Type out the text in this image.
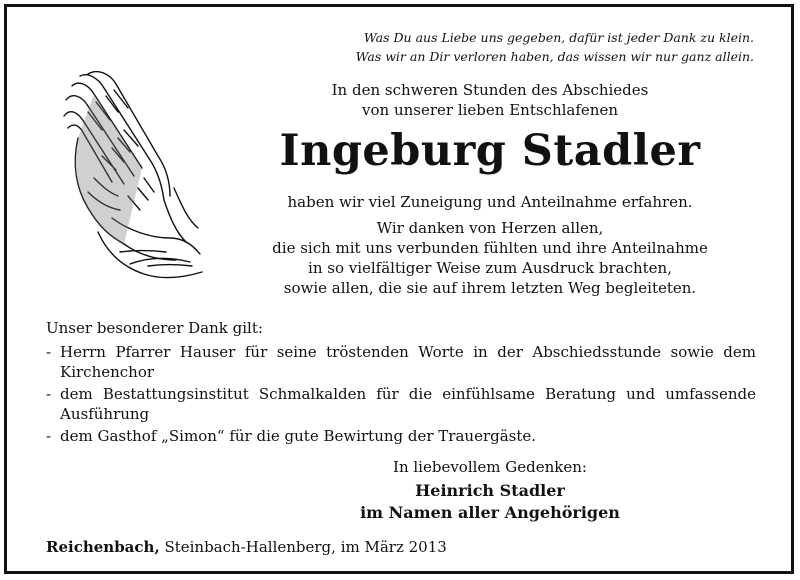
Was Du aus Liebe uns gegeben, dafür ist jeder Dank zu klein.
Was wir an Dir verloren haben, das wissen wir nur ganz allein.
In den schweren Stunden des Abschiedes
von unserer lieben Entschlafenen
Ingeburg Stadler
haben wir viel Zuneigung und Anteilnahme erfahren.
Wir danken von Herzen allen,
die sich mit uns verbunden fühlten und ihre Anteilnahme
in so vielfältiger Weise zum Ausdruck brachten,
sowie allen, die sie auf ihrem letzten Weg begleiteten.
Unser besonderer Dank gilt:
- Herrn Pfarrer Hauser für seine tröstenden Worte in der Abschiedsstunde sowie dem Kirchenchor
- dem Bestattungsinstitut Schmalkalden für die einfühlsame Beratung und umfassende Ausführung
- dem Gasthof „Simon“ für die gute Bewirtung der Trauergäste.
In liebevollem Gedenken:
Heinrich Stadler
im Namen aller Angehörigen
Reichenbach, Steinbach-Hallenberg, im März 2013
